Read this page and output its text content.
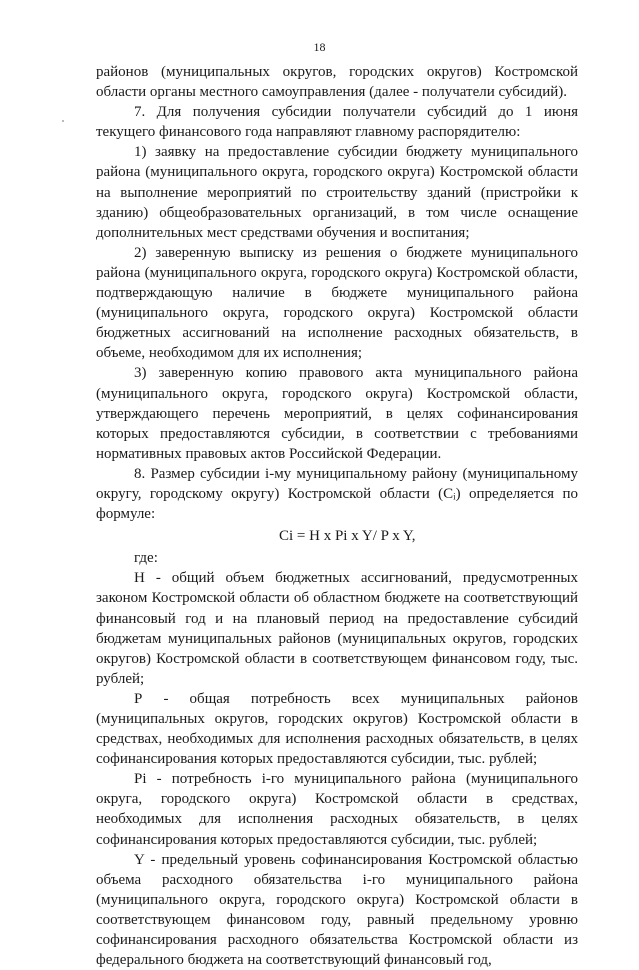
18

районов (муниципальных округов, городских округов) Костромской области органы местного самоуправления (далее - получатели субсидий).

7. Для получения субсидии получатели субсидий до 1 июня текущего финансового года направляют главному распорядителю:

1) заявку на предоставление субсидии бюджету муниципального района (муниципального округа, городского округа) Костромской области на выполнение мероприятий по строительству зданий (пристройки к зданию) общеобразовательных организаций, в том числе оснащение дополнительных мест средствами обучения и воспитания;

2) заверенную выписку из решения о бюджете муниципального района (муниципального округа, городского округа) Костромской области, подтверждающую наличие в бюджете муниципального района (муниципального округа, городского округа) Костромской области бюджетных ассигнований на исполнение расходных обязательств, в объеме, необходимом для их исполнения;

3) заверенную копию правового акта муниципального района (муниципального округа, городского округа) Костромской области, утверждающего перечень мероприятий, в целях софинансирования которых предоставляются субсидии, в соответствии с требованиями нормативных правовых актов Российской Федерации.

8. Размер субсидии i-му муниципальному району (муниципальному округу, городскому округу) Костромской области (Сᵢ) определяется по формуле:

Ci = H x Pi x Y/ P x Y,

где:

Н - общий объем бюджетных ассигнований, предусмотренных законом Костромской области об областном бюджете на соответствующий финансовый год и на плановый период на предоставление субсидий бюджетам муниципальных районов (муниципальных округов, городских округов) Костромской области в соответствующем финансовом году, тыс. рублей;

Р - общая потребность всех муниципальных районов (муниципальных округов, городских округов) Костромской области в средствах, необходимых для исполнения расходных обязательств, в целях софинансирования которых предоставляются субсидии, тыс. рублей;

Рi - потребность i-го муниципального района (муниципального округа, городского округа) Костромской области в средствах, необходимых для исполнения расходных обязательств, в целях софинансирования которых предоставляются субсидии, тыс. рублей;

Y - предельный уровень софинансирования Костромской областью объема расходного обязательства i-го муниципального района (муниципального округа, городского округа) Костромской области в соответствующем финансовом году, равный предельному уровню софинансирования расходного обязательства Костромской области из федерального бюджета на соответствующий финансовый год,
